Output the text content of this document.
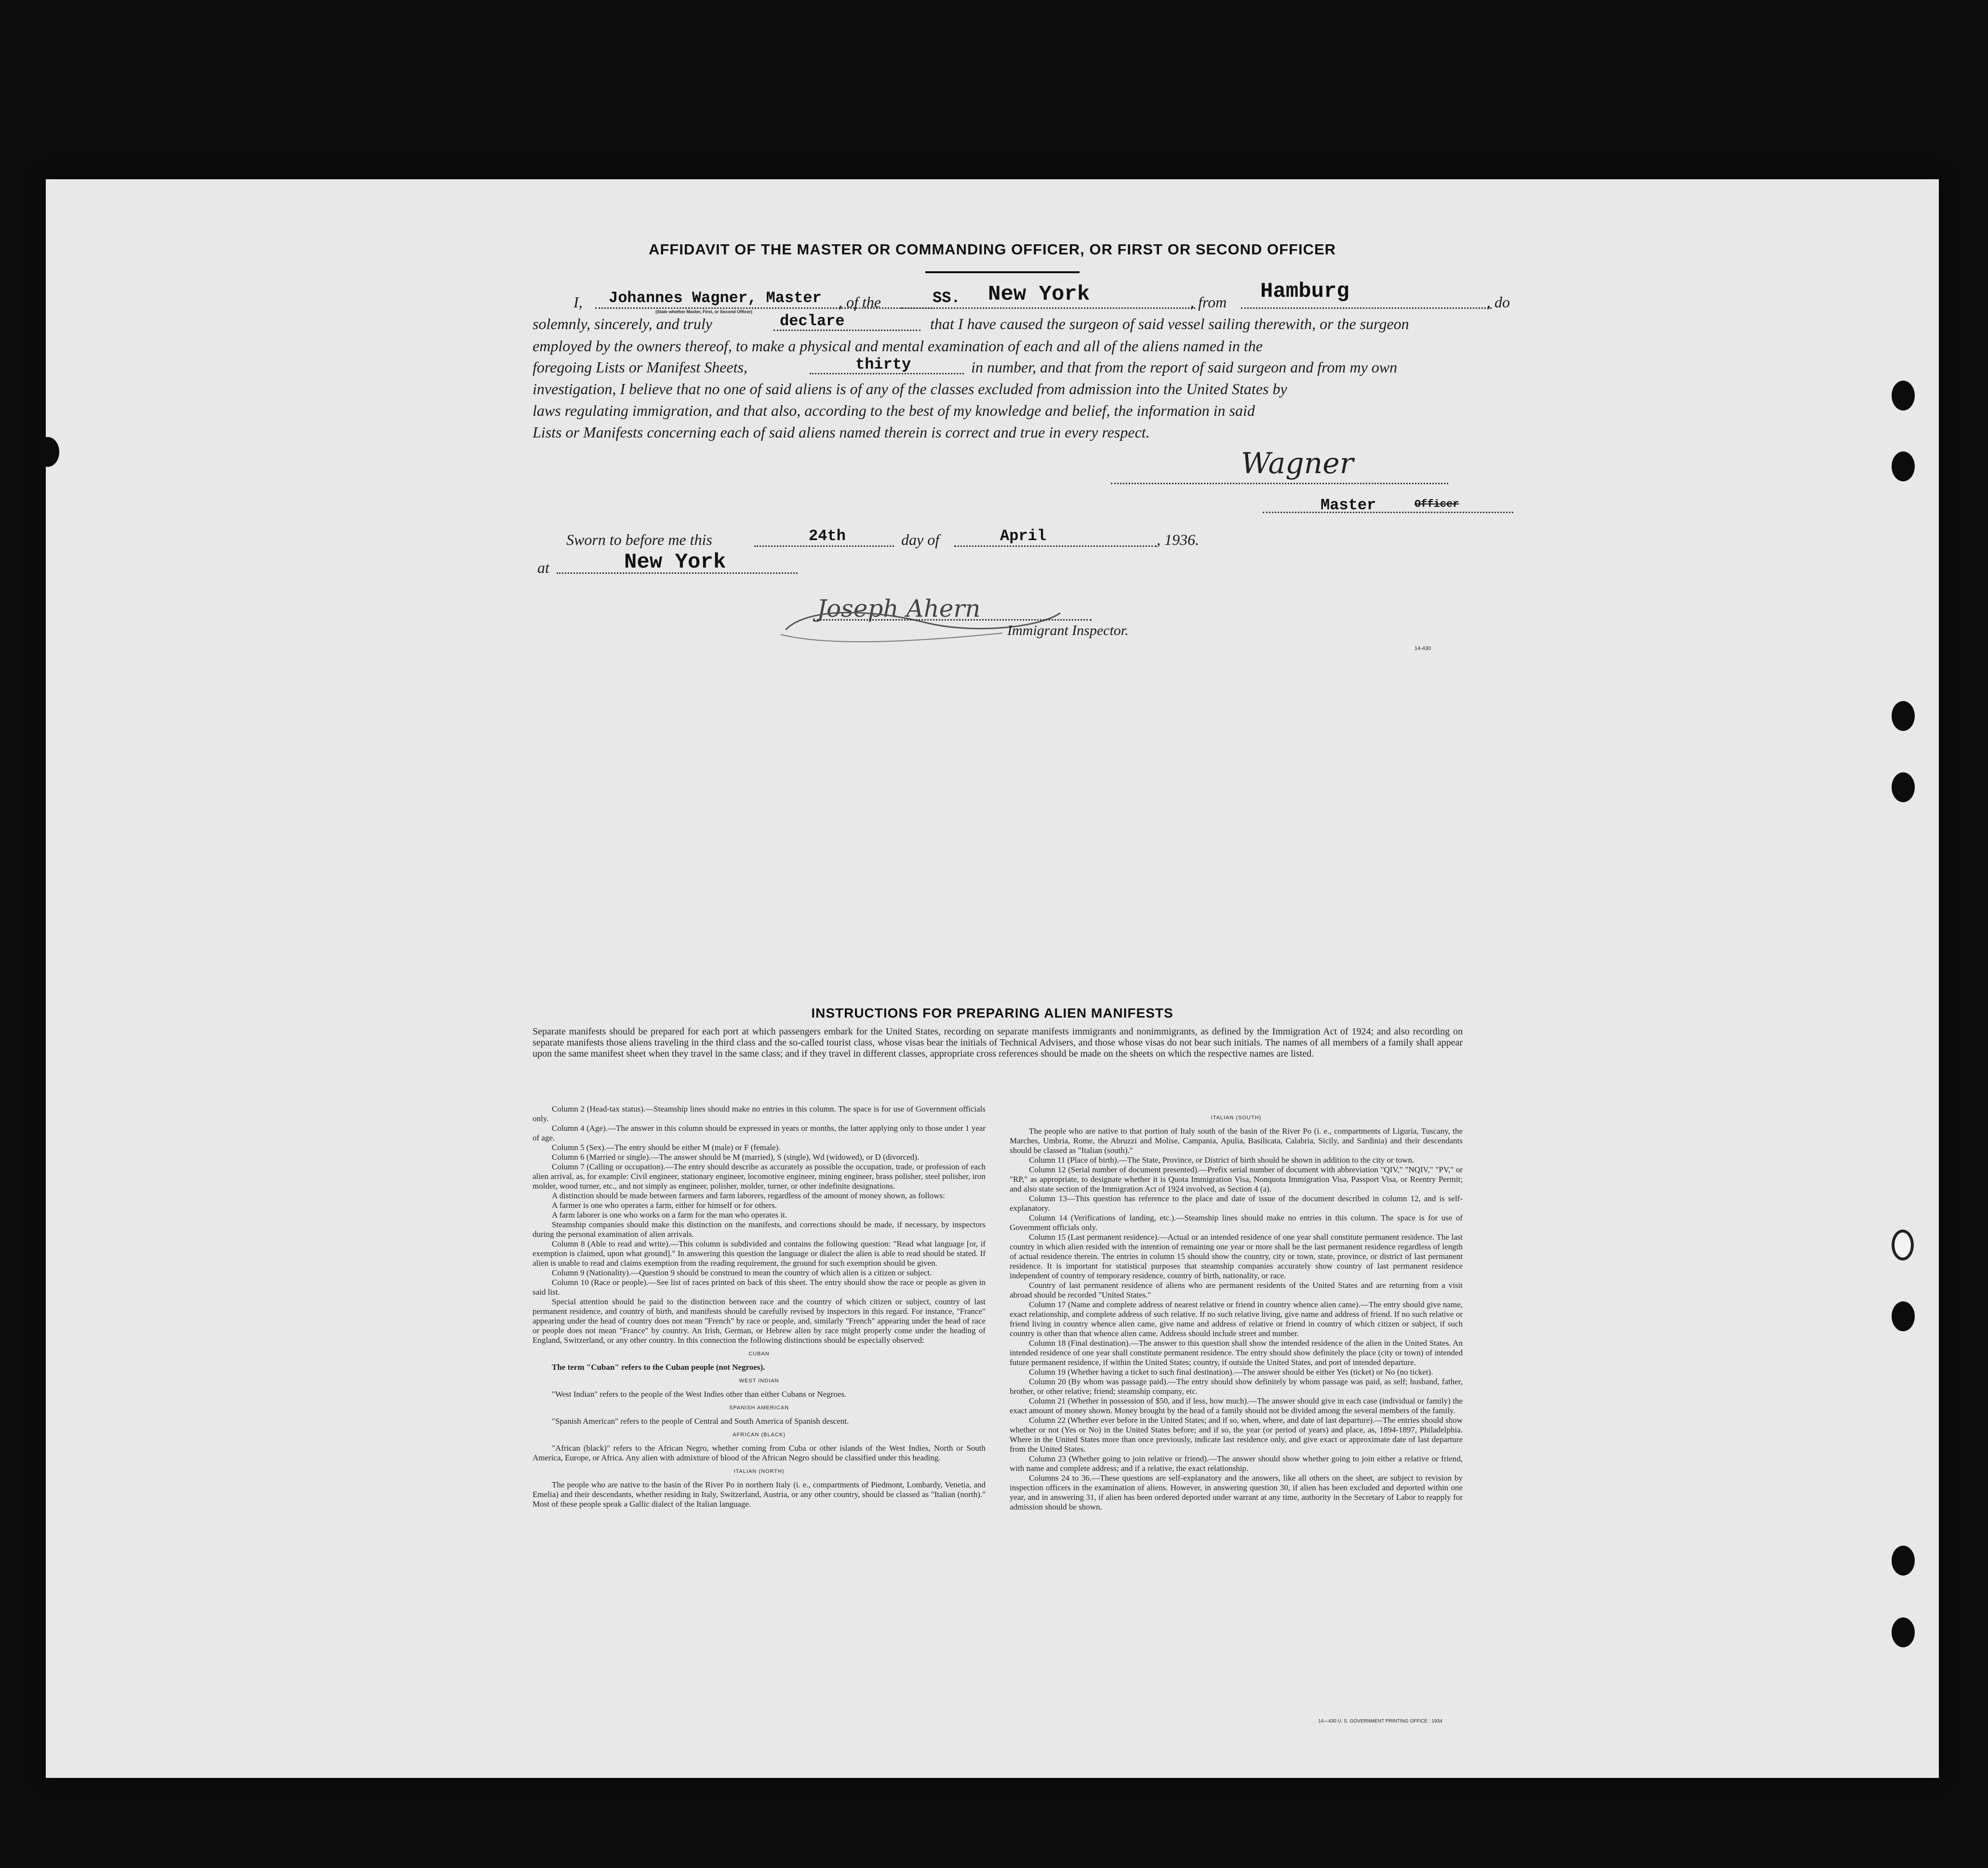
AFFIDAVIT OF THE MASTER OR COMMANDING OFFICER, OR FIRST OR SECOND OFFICER
I, Johannes Wagner, Master
(State whether Master, First, or Second Officer)
, of the	SS. New York	, from Hamburg	, do
solemnly, sincerely, and truly	declare	that I have caused the surgeon of said vessel sailing therewith, or the surgeon
employed by the owners thereof, to make a physical and mental examination of each and all of the aliens named in the
foregoing Lists or Manifest Sheets,	thirty	in number, and that from the report of said surgeon and from my own
investigation, I believe that no one of said aliens is of any of the classes excluded from admission into the United States by
laws regulating immigration, and that also, according to the best of my knowledge and belief, the information in said
Lists or Manifests concerning each of said aliens named therein is correct and true in every respect.
Wagner
Master	Officer
Sworn to before me this	24th	day of	April	, 1936.
at	New York
Joseph Ahern
Immigrant Inspector.
14-430
INSTRUCTIONS FOR PREPARING ALIEN MANIFESTS
Separate manifests should be prepared for each port at which passengers embark for the United States, recording on separate manifests immigrants and nonimmigrants, as defined by the Immigration Act of 1924; and also recording on separate manifests those aliens traveling in the third class and the so-called tourist class, whose visas bear the initials of Technical Advisers, and those whose visas do not bear such initials. The names of all members of a family shall appear upon the same manifest sheet when they travel in the same class; and if they travel in different classes, appropriate cross references should be made on the sheets on which the respective names are listed.

Column 2 (Head-tax status).—Steamship lines should make no entries in this column. The space is for use of Government officials only.

Column 4 (Age).—The answer in this column should be expressed in years or months, the latter applying only to those under 1 year of age.

Column 5 (Sex).—The entry should be either M (male) or F (female).

Column 6 (Married or single).—The answer should be M (married), S (single), Wd (widowed), or D (divorced).

Column 7 (Calling or occupation).—The entry should describe as accurately as possible the occupation, trade, or profession of each alien arrival, as, for example: Civil engineer, stationary engineer, locomotive engineer, mining engineer, brass polisher, steel polisher, iron molder, wood turner, etc., and not simply as engineer, polisher, molder, turner, or other indefinite designations.

A distinction should be made between farmers and farm laborers, regardless of the amount of money shown, as follows:

A farmer is one who operates a farm, either for himself or for others.

A farm laborer is one who works on a farm for the man who operates it.

Steamship companies should make this distinction on the manifests, and corrections should be made, if necessary, by inspectors during the personal examination of alien arrivals.

Column 8 (Able to read and write).—This column is subdivided and contains the following question: "Read what language [or, if exemption is claimed, upon what ground]." In answering this question the language or dialect the alien is able to read should be stated. If alien is unable to read and claims exemption from the reading requirement, the ground for such exemption should be given.

Column 9 (Nationality).—Question 9 should be construed to mean the country of which alien is a citizen or subject.

Column 10 (Race or people).—See list of races printed on back of this sheet. The entry should show the race or people as given in said list.

Special attention should be paid to the distinction between race and the country of which citizen or subject, country of last permanent residence, and country of birth, and manifests should be carefully revised by inspectors in this regard. For instance, "France" appearing under the head of country does not mean "French" by race or people, and, similarly "French" appearing under the head of race or people does not mean "France" by country. An Irish, German, or Hebrew alien by race might properly come under the heading of England, Switzerland, or any other country. In this connection the following distinctions should be especially observed:

CUBAN

The term "Cuban" refers to the Cuban people (not Negroes).

WEST INDIAN

"West Indian" refers to the people of the West Indies other than either Cubans or Negroes.

SPANISH AMERICAN

"Spanish American" refers to the people of Central and South America of Spanish descent.

AFRICAN (BLACK)

"African (black)" refers to the African Negro, whether coming from Cuba or other islands of the West Indies, North or South America, Europe, or Africa. Any alien with admixture of blood of the African Negro should be classified under this heading.

ITALIAN (NORTH)

The people who are native to the basin of the River Po in northern Italy (i. e., compartments of Piedmont, Lombardy, Venetia, and Emelia) and their descendants, whether residing in Italy, Switzerland, Austria, or any other country, should be classed as "Italian (north)." Most of these people speak a Gallic dialect of the Italian language.

ITALIAN (SOUTH)

The people who are native to that portion of Italy south of the basin of the River Po (i. e., compartments of Liguria, Tuscany, the Marches, Umbria, Rome, the Abruzzi and Molise, Campania, Apulia, Basilicata, Calabria, Sicily, and Sardinia) and their descendants should be classed as "Italian (south)."

Column 11 (Place of birth).—The State, Province, or District of birth should be shown in addition to the city or town.

Column 12 (Serial number of document presented).—Prefix serial number of document with abbreviation "QIV," "NQIV," "PV," or "RP," as appropriate, to designate whether it is Quota Immigration Visa, Nonquota Immigration Visa, Passport Visa, or Reentry Permit; and also state section of the Immigration Act of 1924 involved, as Section 4 (a).

Column 13—This question has reference to the place and date of issue of the document described in column 12, and is self-explanatory.

Column 14 (Verifications of landing, etc.).—Steamship lines should make no entries in this column. The space is for use of Government officials only.

Column 15 (Last permanent residence).—Actual or an intended residence of one year shall constitute permanent residence. The last country in which alien resided with the intention of remaining one year or more shall be the last permanent residence regardless of length of actual residence therein. The entries in column 15 should show the country, city or town, state, province, or district of last permanent residence. It is important for statistical purposes that steamship companies accurately show country of last permanent residence independent of country of temporary residence, country of birth, nationality, or race.

Country of last permanent residence of aliens who are permanent residents of the United States and are returning from a visit abroad should be recorded "United States."

Column 17 (Name and complete address of nearest relative or friend in country whence alien came).—The entry should give name, exact relationship, and complete address of such relative. If no such relative living, give name and address of friend. If no such relative or friend living in country whence alien came, give name and address of relative or friend in country of which citizen or subject, if such country is other than that whence alien came. Address should include street and number.

Column 18 (Final destination).—The answer to this question shall show the intended residence of the alien in the United States. An intended residence of one year shall constitute permanent residence. The entry should show definitely the place (city or town) of intended future permanent residence, if within the United States; country, if outside the United States, and port of intended departure.

Column 19 (Whether having a ticket to such final destination).—The answer should be either Yes (ticket) or No (no ticket).

Column 20 (By whom was passage paid).—The entry should show definitely by whom passage was paid, as self; husband, father, brother, or other relative; friend; steamship company, etc.

Column 21 (Whether in possession of $50, and if less, how much).—The answer should give in each case (individual or family) the exact amount of money shown. Money brought by the head of a family should not be divided among the several members of the family.

Column 22 (Whether ever before in the United States; and if so, when, where, and date of last departure).—The entries should show whether or not (Yes or No) in the United States before; and if so, the year (or period of years) and place, as, 1894-1897, Philadelphia. Where in the United States more than once previously, indicate last residence only, and give exact or approximate date of last departure from the United States.

Column 23 (Whether going to join relative or friend).—The answer should show whether going to join either a relative or friend, with name and complete address; and if a relative, the exact relationship.

Columns 24 to 36.—These questions are self-explanatory and the answers, like all others on the sheet, are subject to revision by inspection officers in the examination of aliens. However, in answering question 30, if alien has been excluded and deported within one year, and in answering 31, if alien has been ordered deported under warrant at any time, authority in the Secretary of Labor to reapply for admission should be shown.

14—430 U. S. GOVERNMENT PRINTING OFFICE : 1934
